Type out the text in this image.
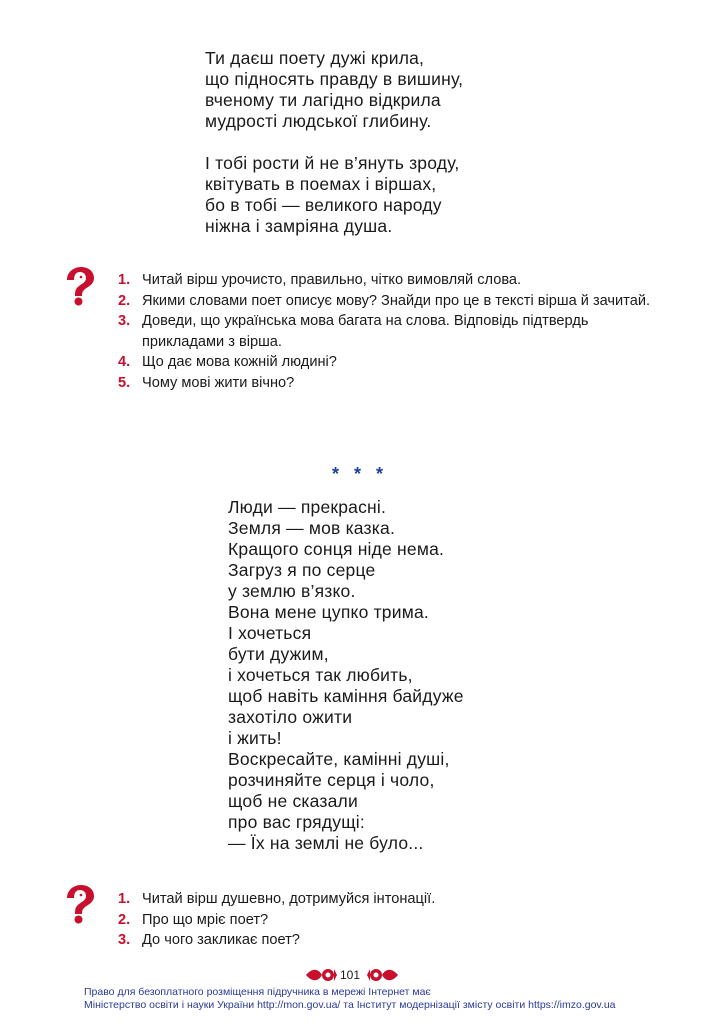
Ти даєш поету дужі крила,
що підносять правду в вишину,
вченому ти лагідно відкрила
мудрості людської глибину.
І тобі рости й не в’януть зроду,
квітувать в поемах і віршах,
бо в тобі — великого народу
ніжна і замріяна душа.
1. Читай вірш урочисто, правильно, чітко вимовляй слова.
2. Якими словами поет описує мову? Знайди про це в тексті вірша й зачитай.
3. Доведи, що українська мова багата на слова. Відповідь підтвердь прикладами з вірша.
4. Що дає мова кожній людині?
5. Чому мові жити вічно?
* * *
Люди — прекрасні.
Земля — мов казка.
Кращого сонця ніде нема.
Загруз я по серце
у землю в’язко.
Вона мене цупко трима.
І хочеться
бути дужим,
і хочеться так любить,
щоб навіть каміння байдуже
захотіло ожити
і жить!
Воскресайте, камінні душі,
розчиняйте серця і чоло,
щоб не сказали
про вас грядущі:
— Їх на землі не було...
1. Читай вірш душевно, дотримуйся інтонації.
2. Про що мріє поет?
3. До чого закликає поет?
101
Право для безоплатного розміщення підручника в мережі Інтернет має
Міністерство освіти і науки України http://mon.gov.ua/ та Інститут модернізації змісту освіти https://imzo.gov.ua
